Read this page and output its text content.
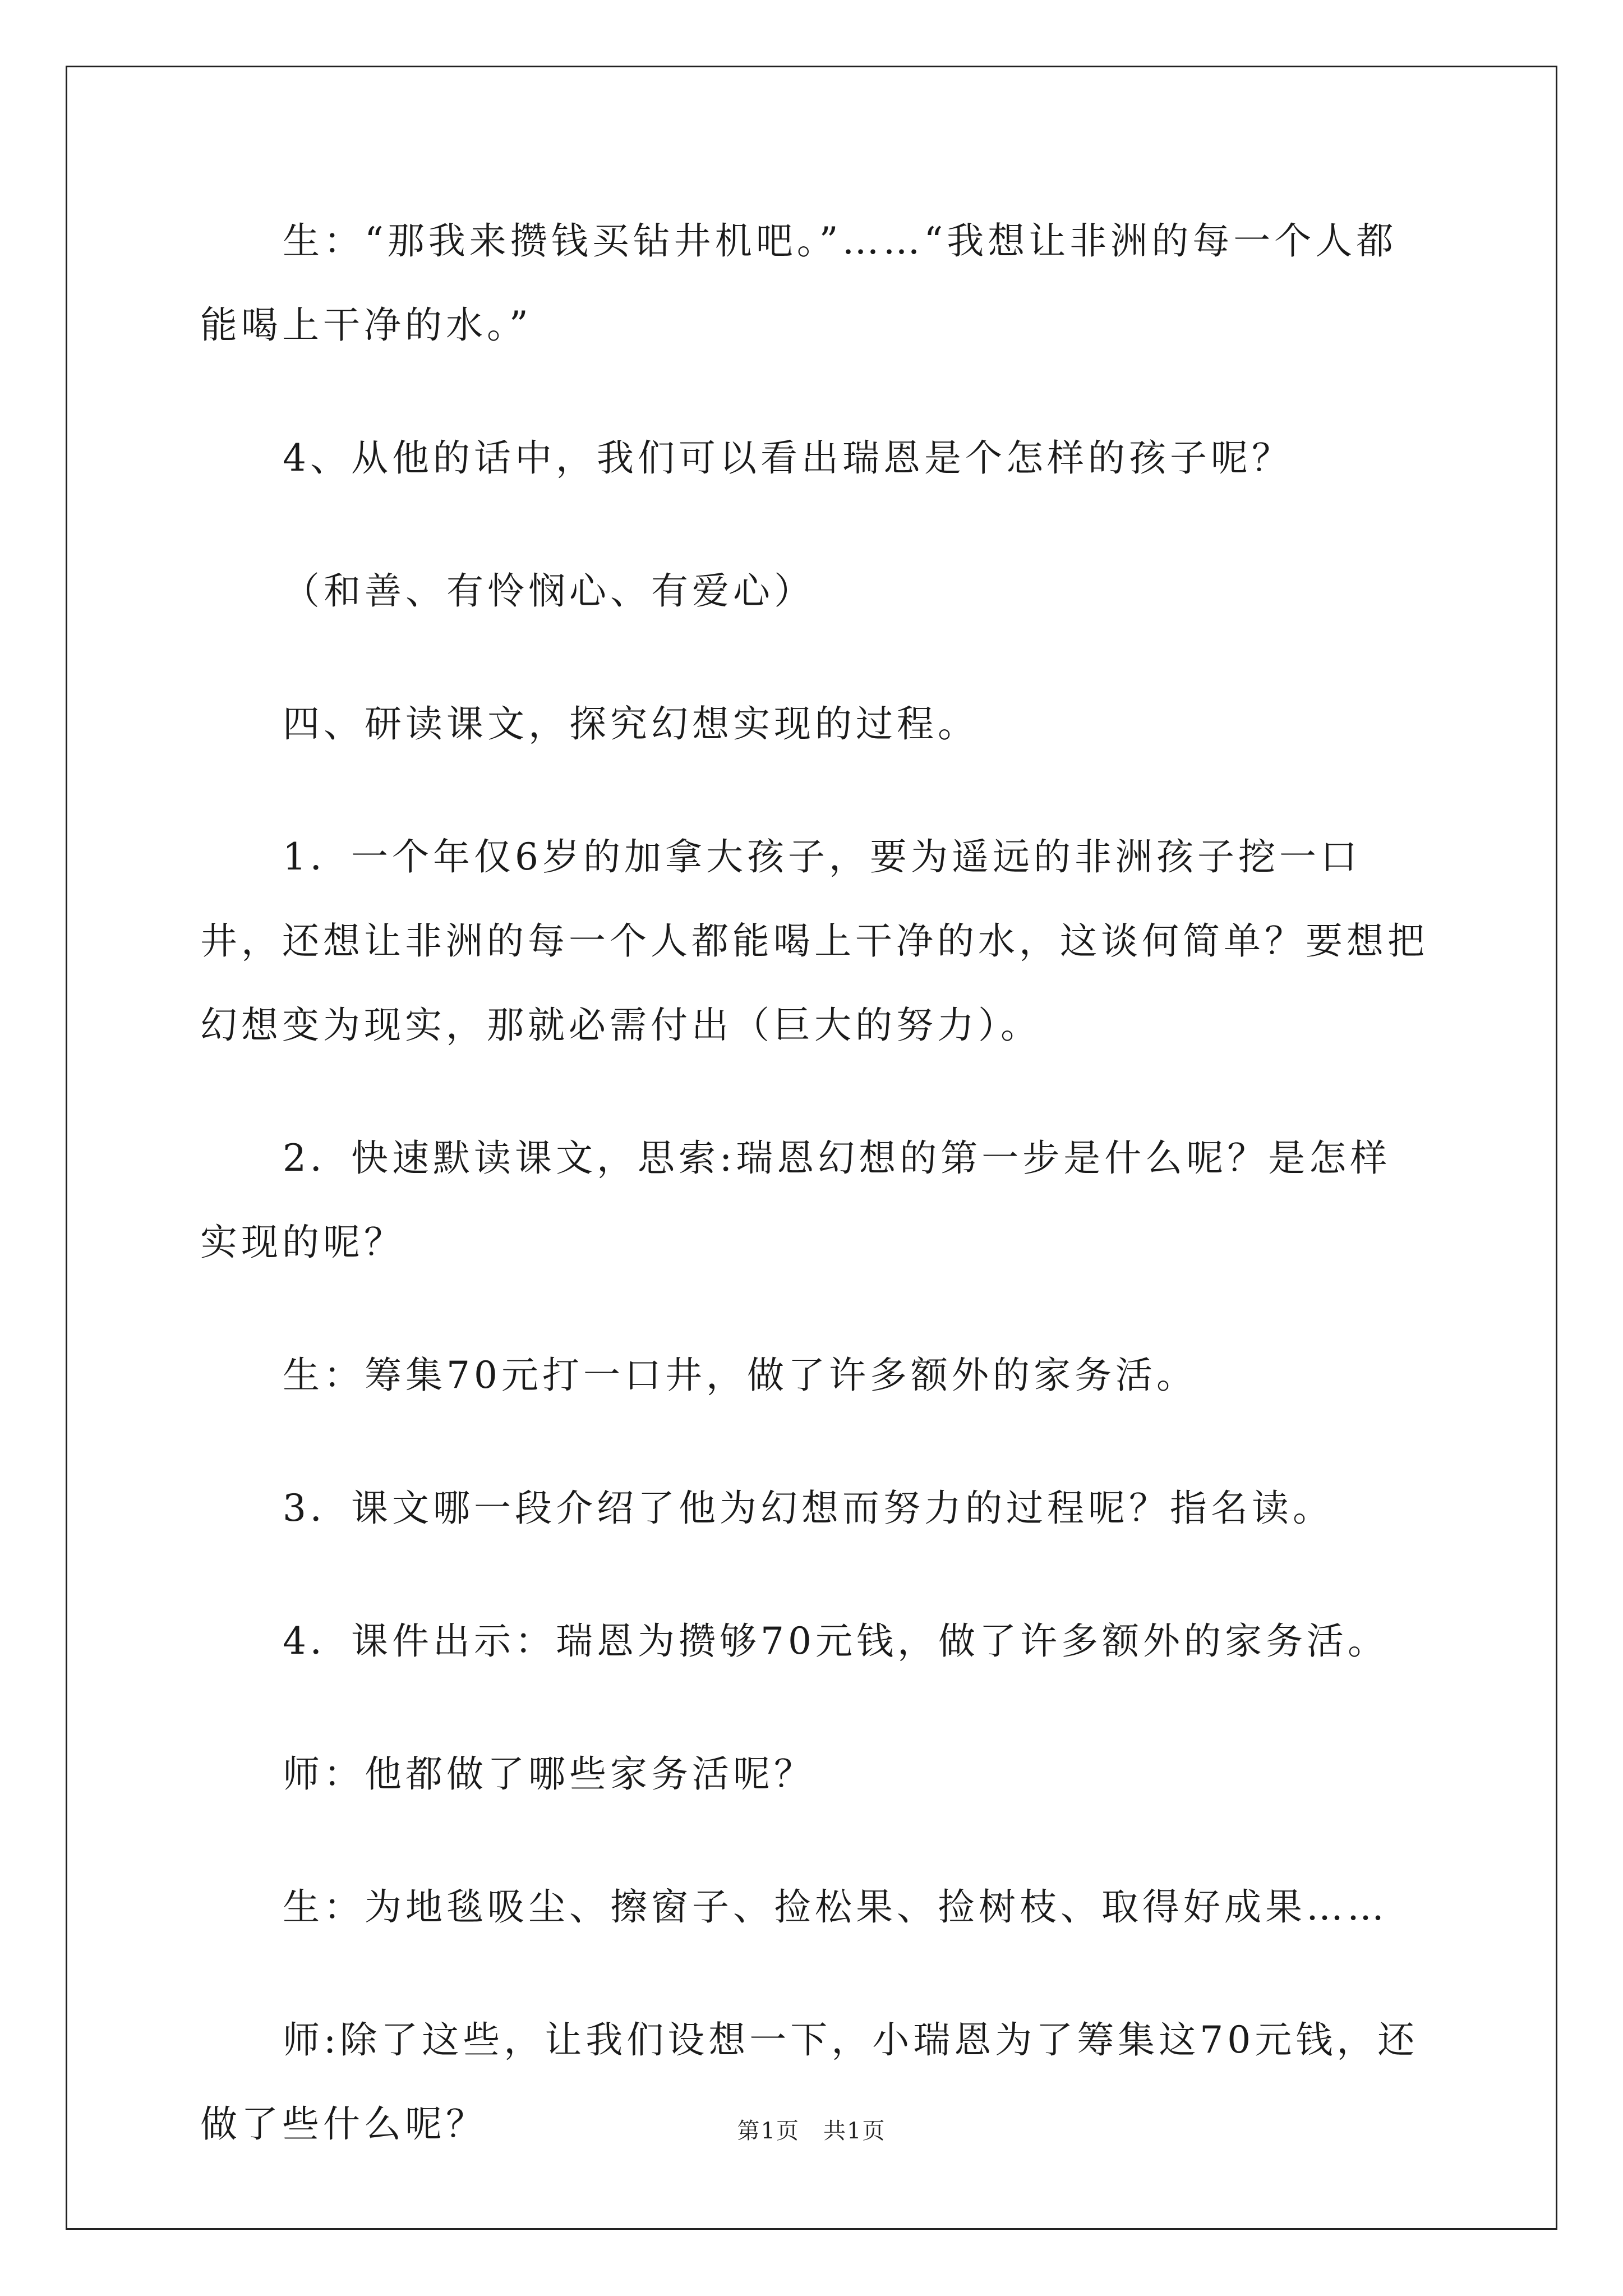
生：“那我来攒钱买钻井机吧。”……“我想让非洲的每一个人都能喝上干净的水。”

4、从他的话中，我们可以看出瑞恩是个怎样的孩子呢？

（和善、有怜悯心、有爱心）

四、研读课文，探究幻想实现的过程。

1．一个年仅6岁的加拿大孩子，要为遥远的非洲孩子挖一口井，还想让非洲的每一个人都能喝上干净的水，这谈何简单？要想把幻想变为现实，那就必需付出（巨大的努力）。

2．快速默读课文，思索:瑞恩幻想的第一步是什么呢？是怎样实现的呢？

生：筹集70元打一口井，做了许多额外的家务活。

3．课文哪一段介绍了他为幻想而努力的过程呢？指名读。

4．课件出示：瑞恩为攒够70元钱，做了许多额外的家务活。

师：他都做了哪些家务活呢？

生：为地毯吸尘、擦窗子、捡松果、捡树枝、取得好成果……

师:除了这些，让我们设想一下，小瑞恩为了筹集这70元钱，还做了些什么呢？	第1页　共1页
